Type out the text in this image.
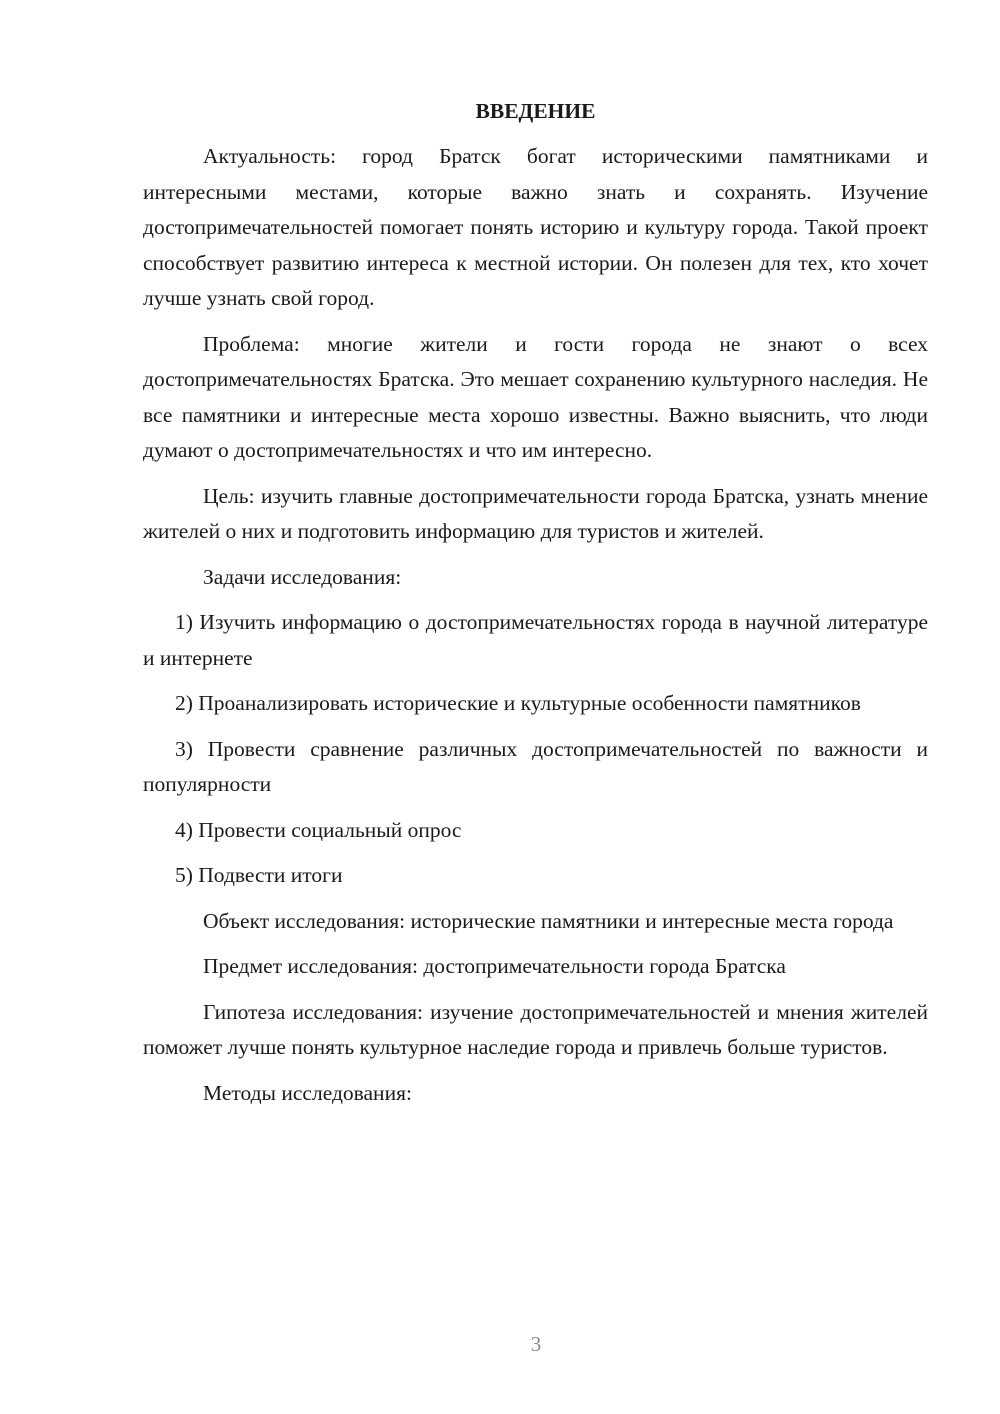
ВВЕДЕНИЕ

Актуальность: город Братск богат историческими памятниками и интересными местами, которые важно знать и сохранять. Изучение достопримечательностей помогает понять историю и культуру города. Такой проект способствует развитию интереса к местной истории. Он полезен для тех, кто хочет лучше узнать свой город.

Проблема: многие жители и гости города не знают о всех достопримечательностях Братска. Это мешает сохранению культурного наследия. Не все памятники и интересные места хорошо известны. Важно выяснить, что люди думают о достопримечательностях и что им интересно.

Цель: изучить главные достопримечательности города Братска, узнать мнение жителей о них и подготовить информацию для туристов и жителей.

Задачи исследования:

1) Изучить информацию о достопримечательностях города в научной литературе и интернете

2) Проанализировать исторические и культурные особенности памятников

3) Провести сравнение различных достопримечательностей по важности и популярности

4) Провести социальный опрос

5) Подвести итоги

Объект исследования: исторические памятники и интересные места города

Предмет исследования: достопримечательности города Братска

Гипотеза исследования: изучение достопримечательностей и мнения жителей поможет лучше понять культурное наследие города и привлечь больше туристов.

Методы исследования:

3
